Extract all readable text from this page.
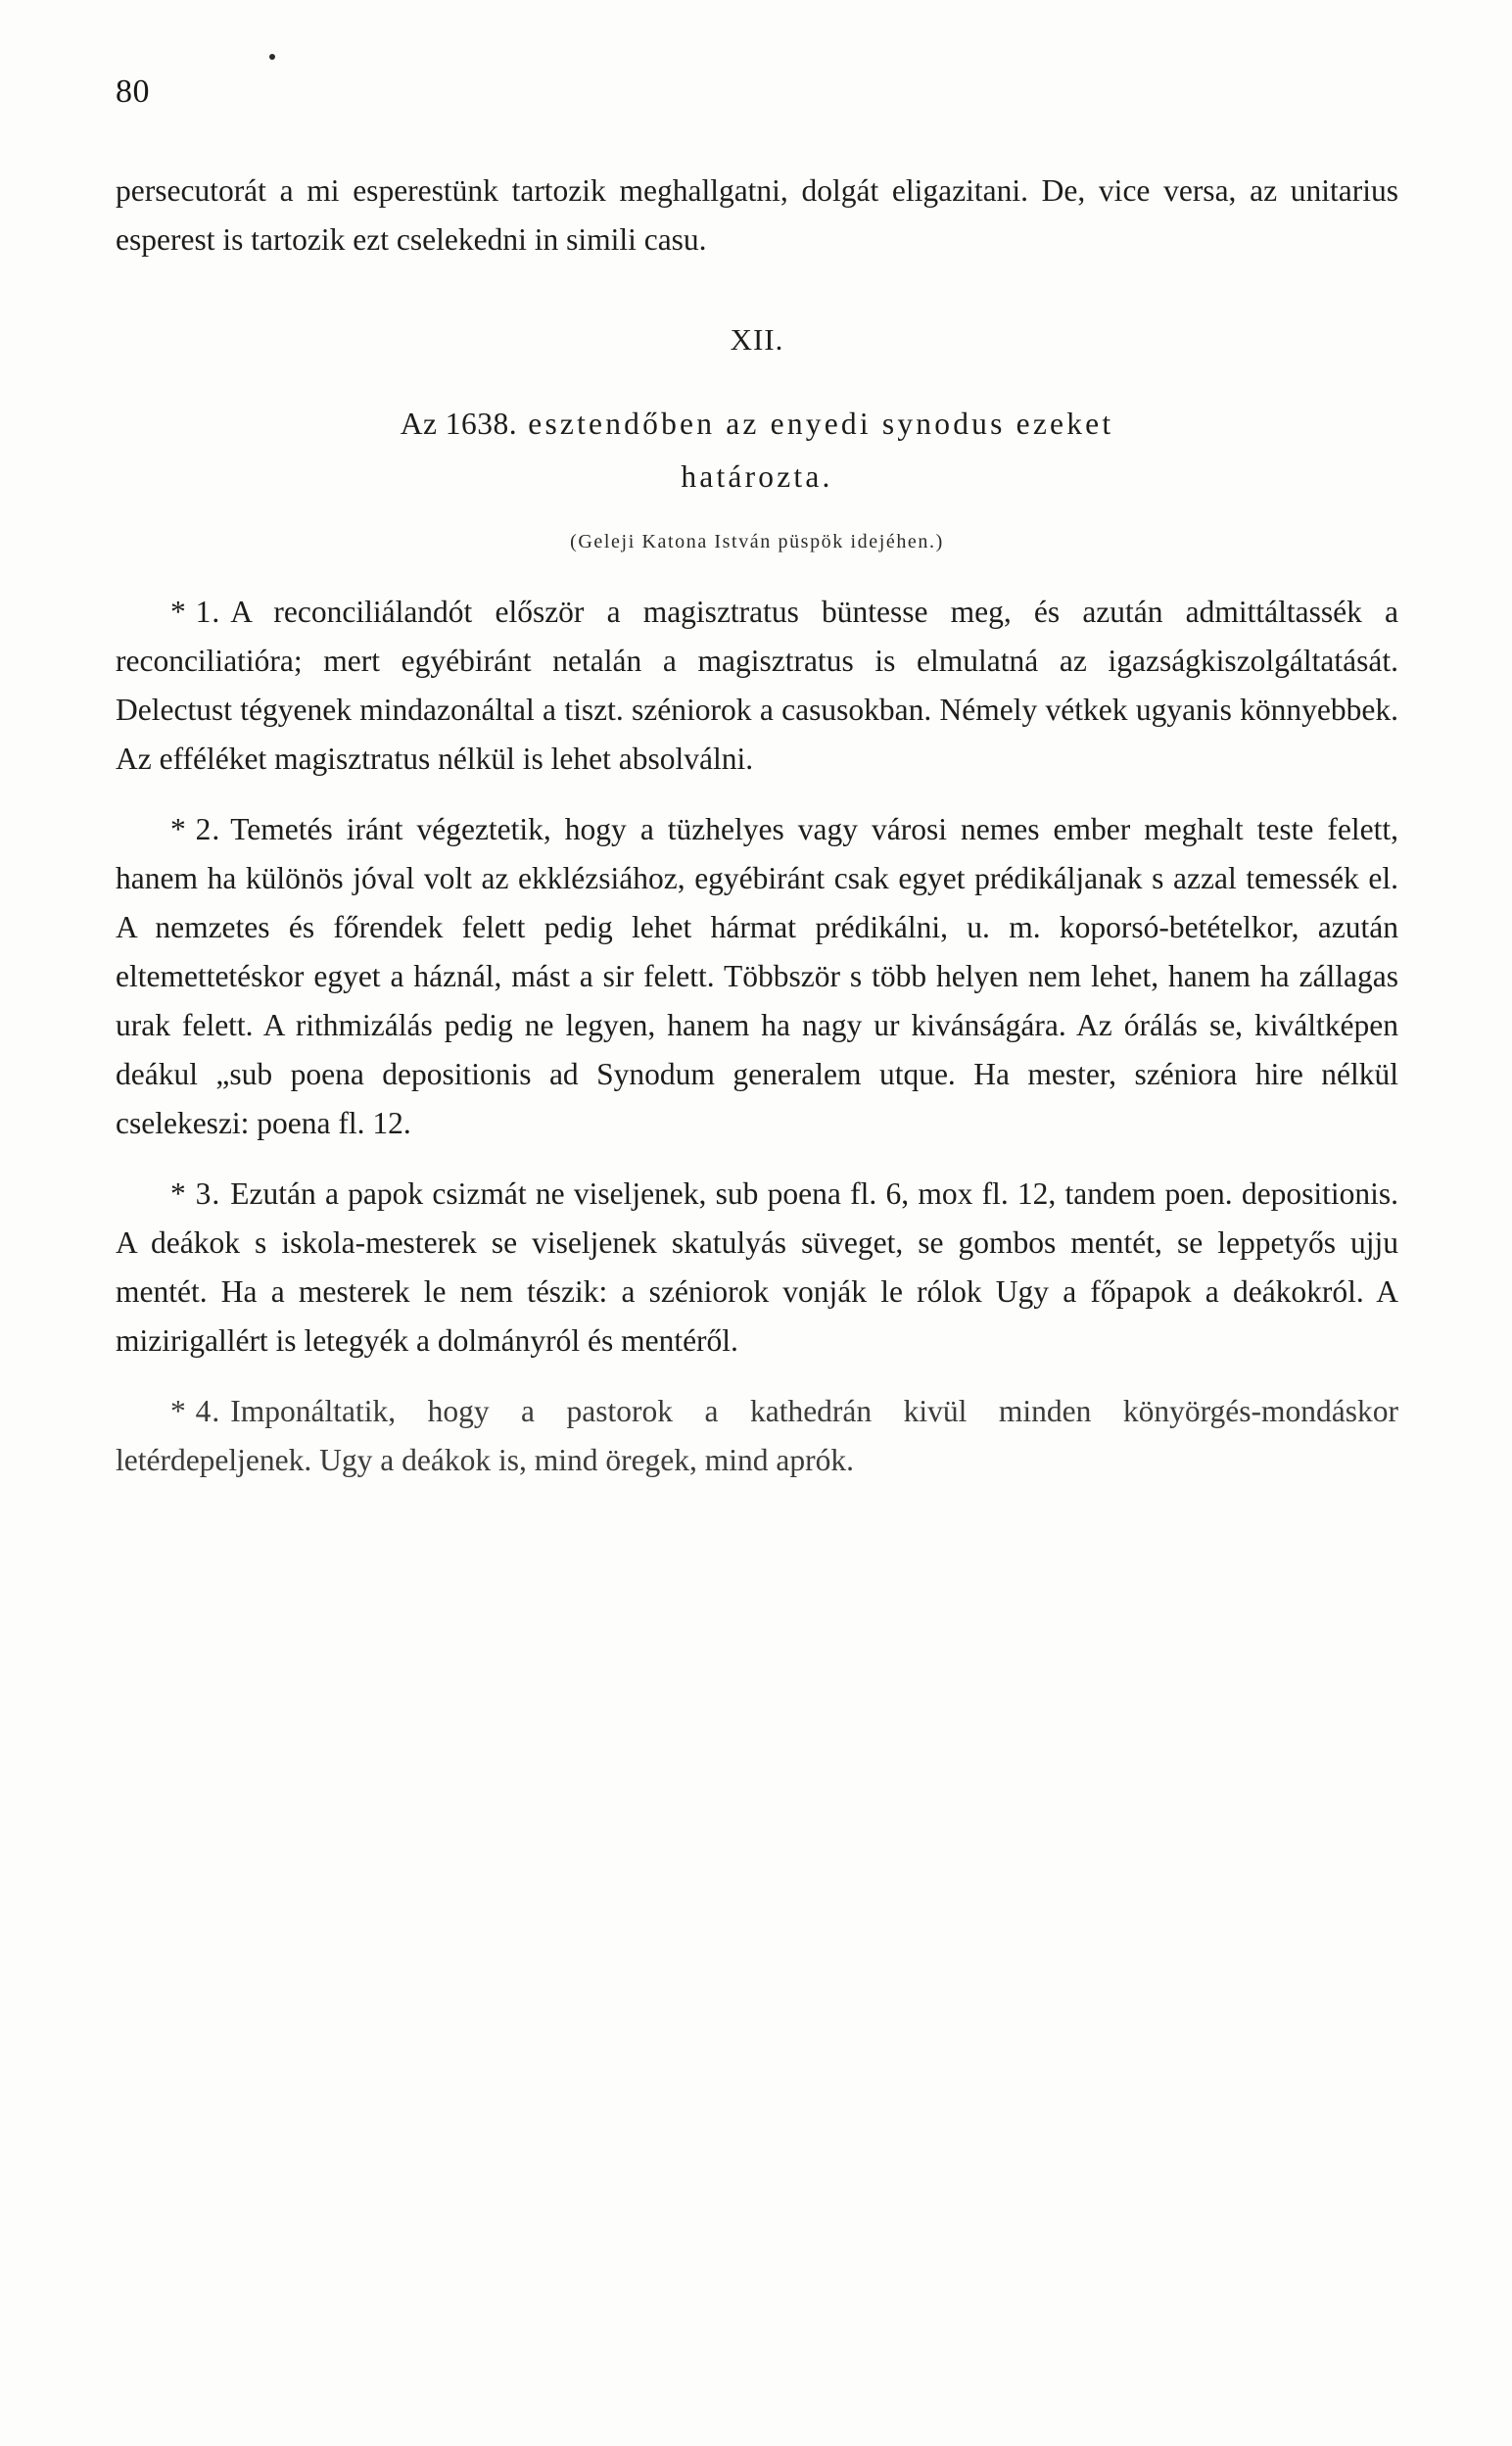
80

persecutorát a mi esperestünk tartozik meghallgatni, dolgát eligazitani. De, vice versa, az unitarius esperest is tartozik ezt cselekedni in simili casu.

XII.

Az 1638. esztendőben az enyedi synodus ezeket

határozta.

(Geleji Katona István püspök idejéhen.)

* 1. A reconciliálandót először a magisztratus büntesse meg, és azután admittáltassék a reconciliatióra; mert egyébiránt netalán a magisztratus is elmulatná az igazságkiszolgáltatását. Delectust tégyenek mindazonáltal a tiszt. széniorok a casusokban. Némely vétkek ugyanis könnyebbek. Az efféléket magisztratus nélkül is lehet absolválni.

* 2. Temetés iránt végeztetik, hogy a tüzhelyes vagy városi nemes ember meghalt teste felett, hanem ha különös jóval volt az ekklézsiához, egyébiránt csak egyet prédikáljanak s azzal temessék el. A nemzetes és főrendek felett pedig lehet hármat prédikálni, u. m. koporsó-betételkor, azután eltemettetéskor egyet a háznál, mást a sir felett. Többször s több helyen nem lehet, hanem ha zállagas urak felett. A rithmizálás pedig ne legyen, hanem ha nagy ur kivánságára. Az órálás se, kiváltképen deákul „sub poena depositionis ad Synodum generalem utque. Ha mester, széniora hire nélkül cselekeszi: poena fl. 12.

* 3. Ezután a papok csizmát ne viseljenek, sub poena fl. 6, mox fl. 12, tandem poen. depositionis. A deákok s iskola-mesterek se viseljenek skatulyás süveget, se gombos mentét, se leppetyős ujju mentét. Ha a mesterek le nem tészik: a széniorok vonják le rólok Ugy a főpapok a deákokról. A mizirigallért is letegyék a dolmányról és mentéről.

* 4. Imponáltatik, hogy a pastorok a kathedrán kivül minden könyörgés-mondáskor letérdepeljenek. Ugy a deákok is, mind öregek, mind aprók.
